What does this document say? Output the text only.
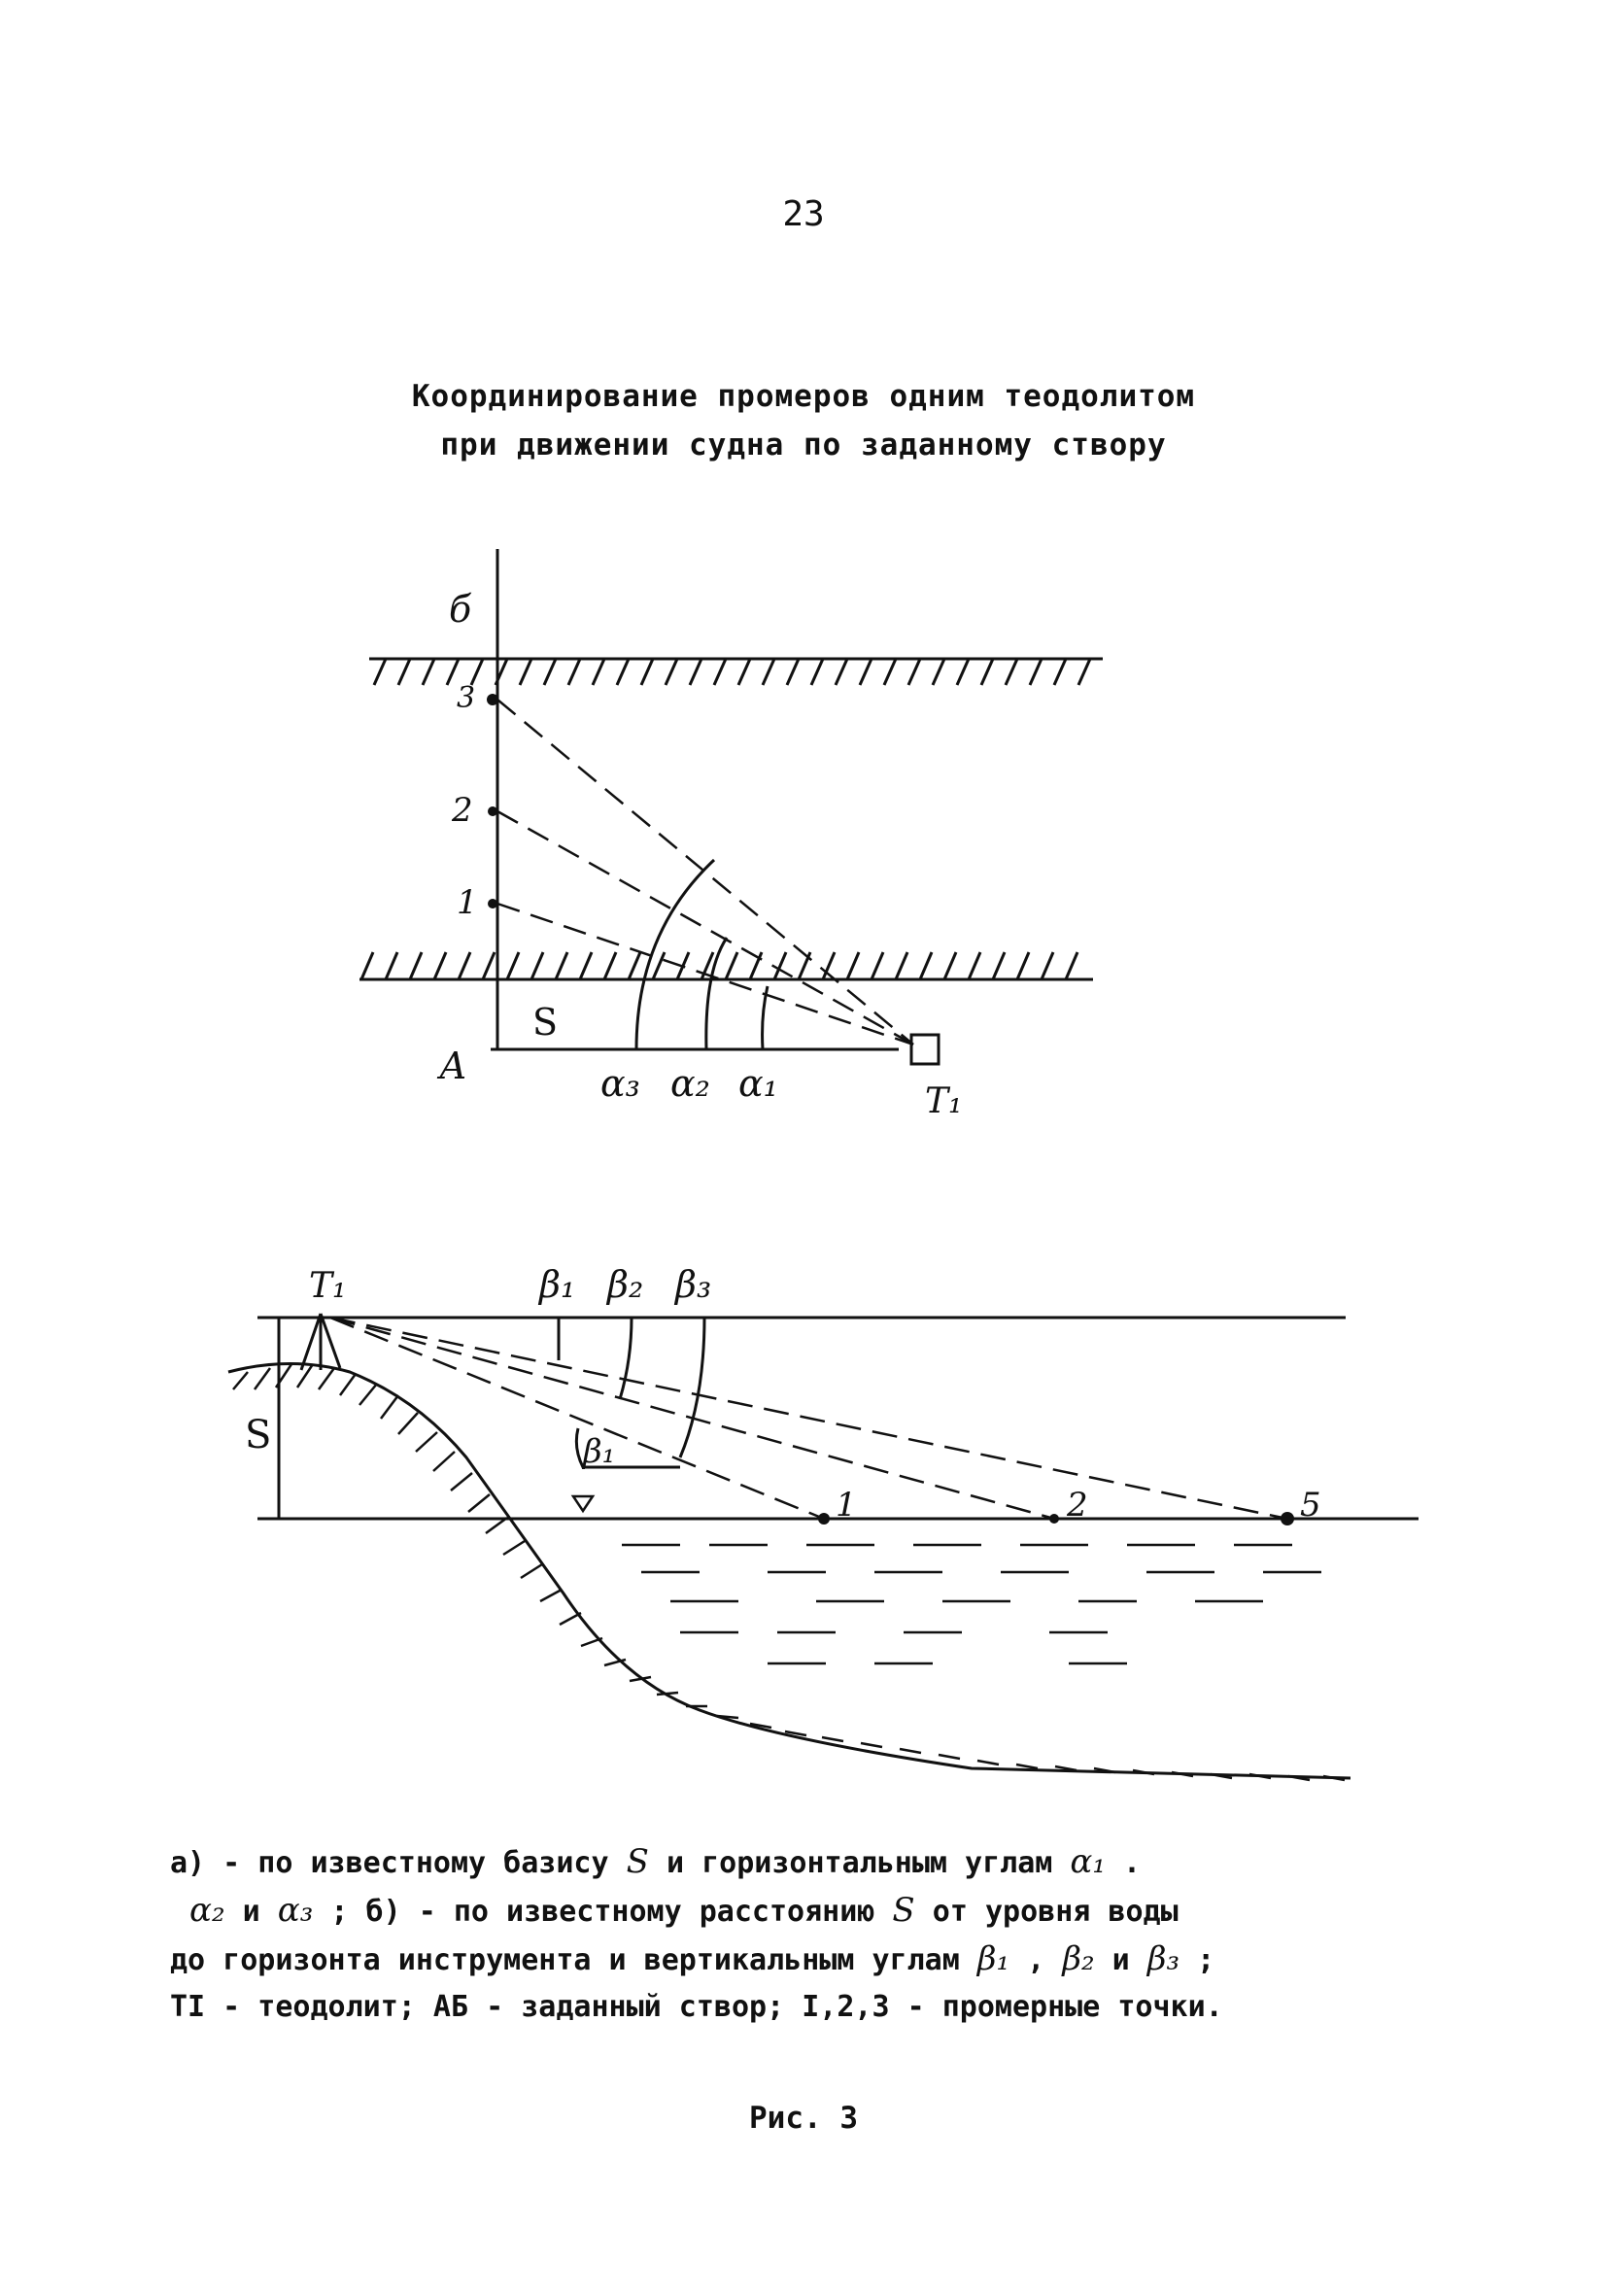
23
Координирование промеров одним теодолитом
при движении судна по заданному створу
б
А
S
3
2
1
α₃ α₂ α₁	T₁
T₁	β₁ β₂ β₃
β₁
S
1	2	5
а) - по известному базису S и горизонтальным углам α₁ .
α₂ и α₃ ; б) - по известному расстоянию S от уровня воды
до горизонта инструмента и вертикальным углам β₁ , β₂ и β₃ ;
TI - теодолит; АБ - заданный створ; I,2,3 - промерные точки.
Рис. 3
